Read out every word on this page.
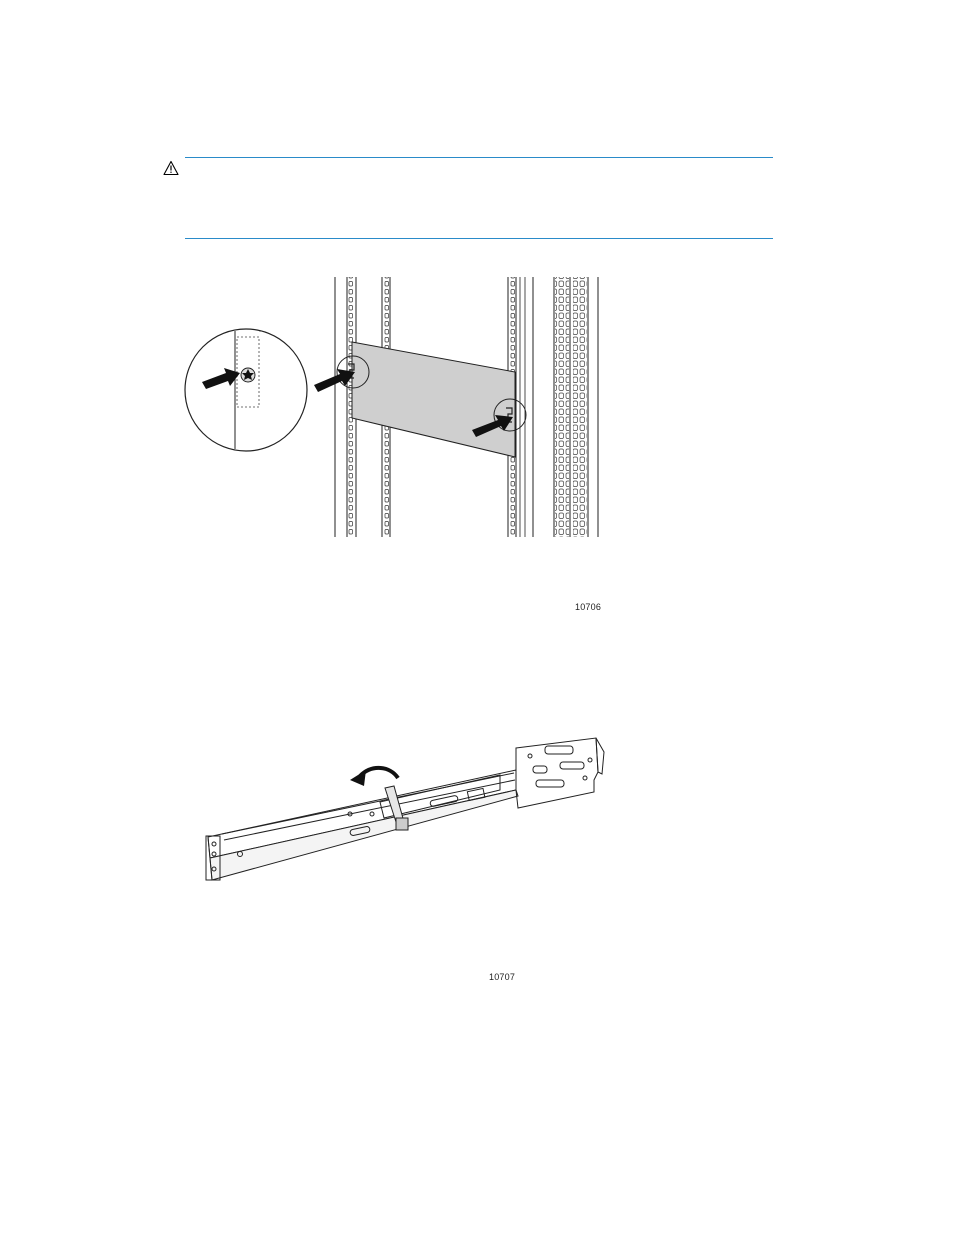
10706
10707
